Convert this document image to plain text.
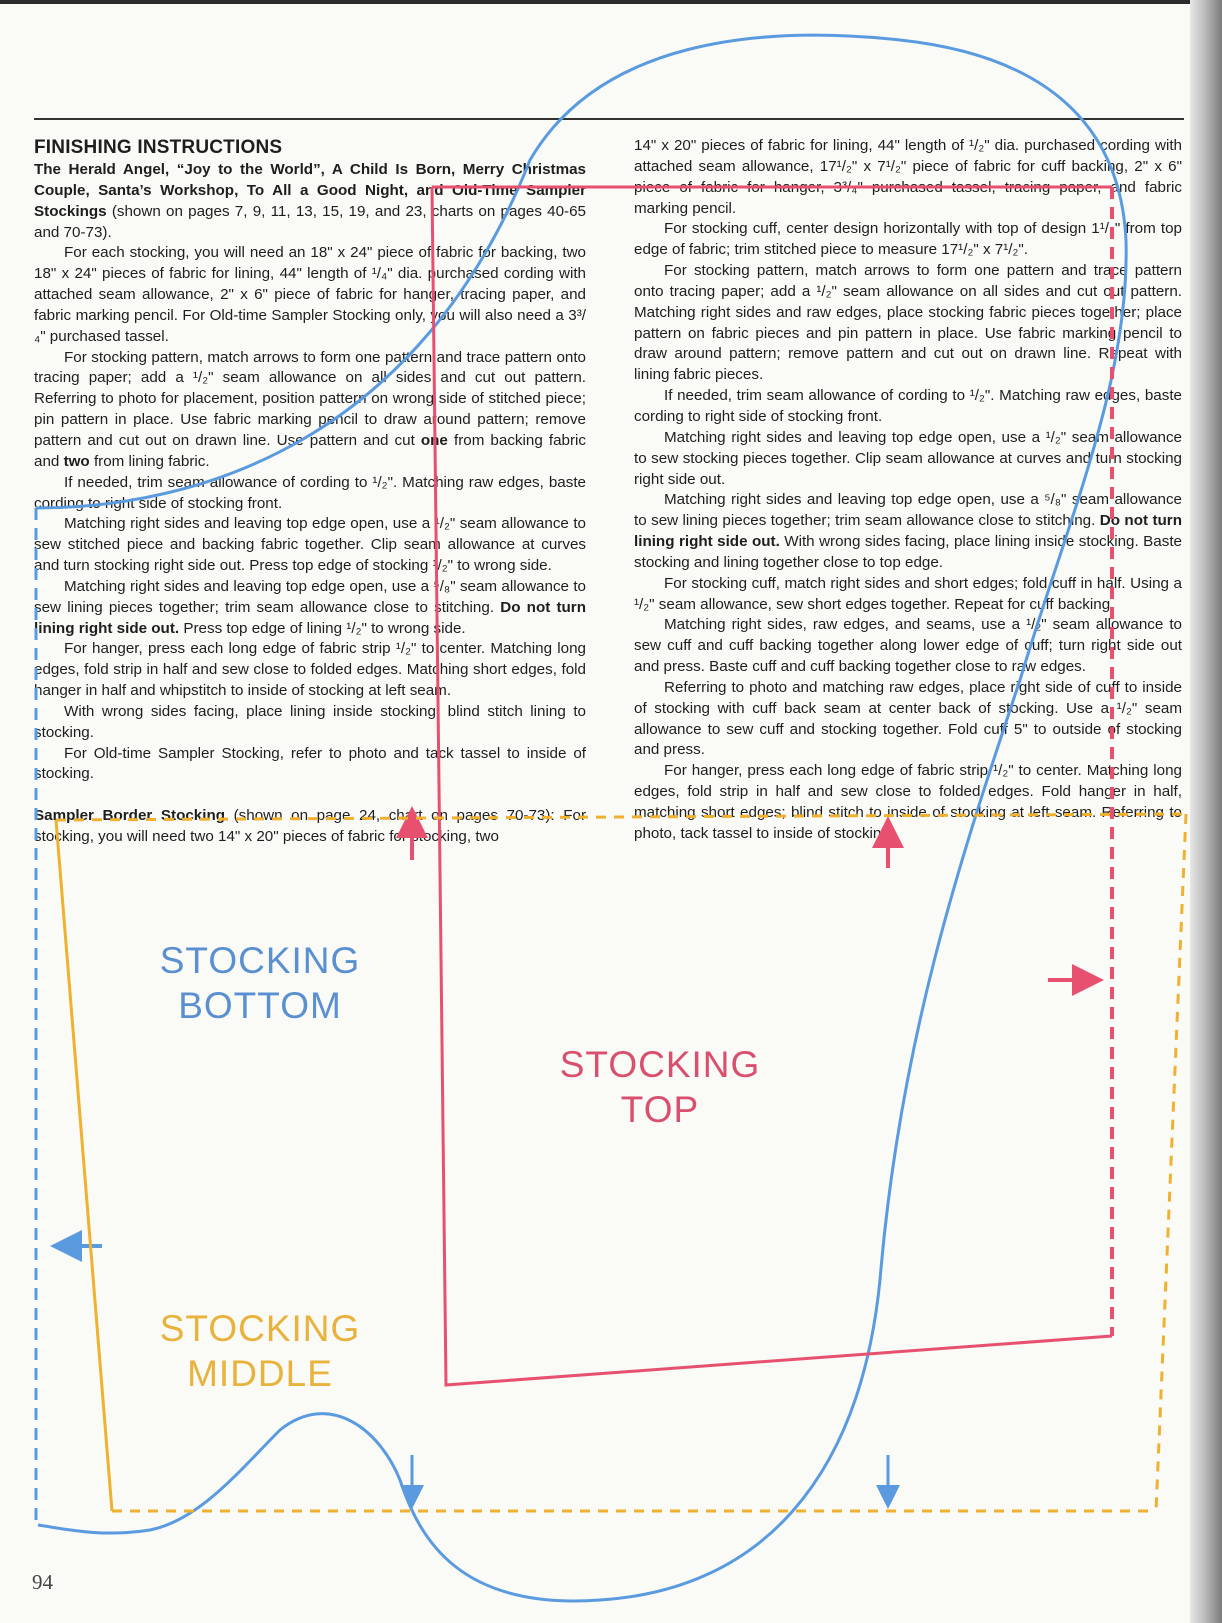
FINISHING INSTRUCTIONS

The Herald Angel, “Joy to the World”, A Child Is Born, Merry Christmas Couple, Santa’s Workshop, To All a Good Night, and Old-Time Sampler Stockings (shown on pages 7, 9, 11, 13, 15, 19, and 23, charts on pages 40-65 and 70-73).

For each stocking, you will need an 18" x 24" piece of fabric for backing, two 18" x 24" pieces of fabric for lining, 44" length of ¹/₄" dia. purchased cording with attached seam allowance, 2" x 6" piece of fabric for hanger, tracing paper, and fabric marking pencil. For Old-time Sampler Stocking only, you will also need a 3³/₄" purchased tassel.

For stocking pattern, match arrows to form one pattern and trace pattern onto tracing paper; add a ¹/₂" seam allowance on all sides and cut out pattern. Referring to photo for placement, position pattern on wrong side of stitched piece; pin pattern in place. Use fabric marking pencil to draw around pattern; remove pattern and cut out on drawn line. Use pattern and cut one from backing fabric and two from lining fabric.

If needed, trim seam allowance of cording to ¹/₂". Matching raw edges, baste cording to right side of stocking front.

Matching right sides and leaving top edge open, use a ¹/₂" seam allowance to sew stitched piece and backing fabric together. Clip seam allowance at curves and turn stocking right side out. Press top edge of stocking ¹/₂" to wrong side.

Matching right sides and leaving top edge open, use a ⁵/₈" seam allowance to sew lining pieces together; trim seam allowance close to stitching. Do not turn lining right side out. Press top edge of lining ¹/₂" to wrong side.

For hanger, press each long edge of fabric strip ¹/₂" to center. Matching long edges, fold strip in half and sew close to folded edges. Matching short edges, fold hanger in half and whipstitch to inside of stocking at left seam.

With wrong sides facing, place lining inside stocking; blind stitch lining to stocking.

For Old-time Sampler Stocking, refer to photo and tack tassel to inside of stocking.

Sampler Border Stocking (shown on page 24, chart on pages 70-73): For stocking, you will need two 14" x 20" pieces of fabric for stocking, two

14" x 20" pieces of fabric for lining, 44" length of ¹/₂" dia. purchased cording with attached seam allowance, 17¹/₂" x 7¹/₂" piece of fabric for cuff backing, 2" x 6" piece of fabric for hanger, 3³/₄" purchased tassel, tracing paper, and fabric marking pencil.

For stocking cuff, center design horizontally with top of design 1¹/₂" from top edge of fabric; trim stitched piece to measure 17¹/₂" x 7¹/₂".

For stocking pattern, match arrows to form one pattern and trace pattern onto tracing paper; add a ¹/₂" seam allowance on all sides and cut out pattern. Matching right sides and raw edges, place stocking fabric pieces together; place pattern on fabric pieces and pin pattern in place. Use fabric marking pencil to draw around pattern; remove pattern and cut out on drawn line. Repeat with lining fabric pieces.

If needed, trim seam allowance of cording to ¹/₂". Matching raw edges, baste cording to right side of stocking front.

Matching right sides and leaving top edge open, use a ¹/₂" seam allowance to sew stocking pieces together. Clip seam allowance at curves and turn stocking right side out.

Matching right sides and leaving top edge open, use a ⁵/₈" seam allowance to sew lining pieces together; trim seam allowance close to stitching. Do not turn lining right side out. With wrong sides facing, place lining inside stocking. Baste stocking and lining together close to top edge.

For stocking cuff, match right sides and short edges; fold cuff in half. Using a ¹/₂" seam allowance, sew short edges together. Repeat for cuff backing.

Matching right sides, raw edges, and seams, use a ¹/₂" seam allowance to sew cuff and cuff backing together along lower edge of cuff; turn right side out and press. Baste cuff and cuff backing together close to raw edges.

Referring to photo and matching raw edges, place right side of cuff to inside of stocking with cuff back seam at center back of stocking. Use a ¹/₂" seam allowance to sew cuff and stocking together. Fold cuff 5" to outside of stocking and press.

For hanger, press each long edge of fabric strip ¹/₂" to center. Matching long edges, fold strip in half and sew close to folded edges. Fold hanger in half, matching short edges; blind stitch to inside of stocking at left seam. Referring to photo, tack tassel to inside of stocking.

STOCKING
BOTTOM
STOCKING
TOP
STOCKING
MIDDLE
94
